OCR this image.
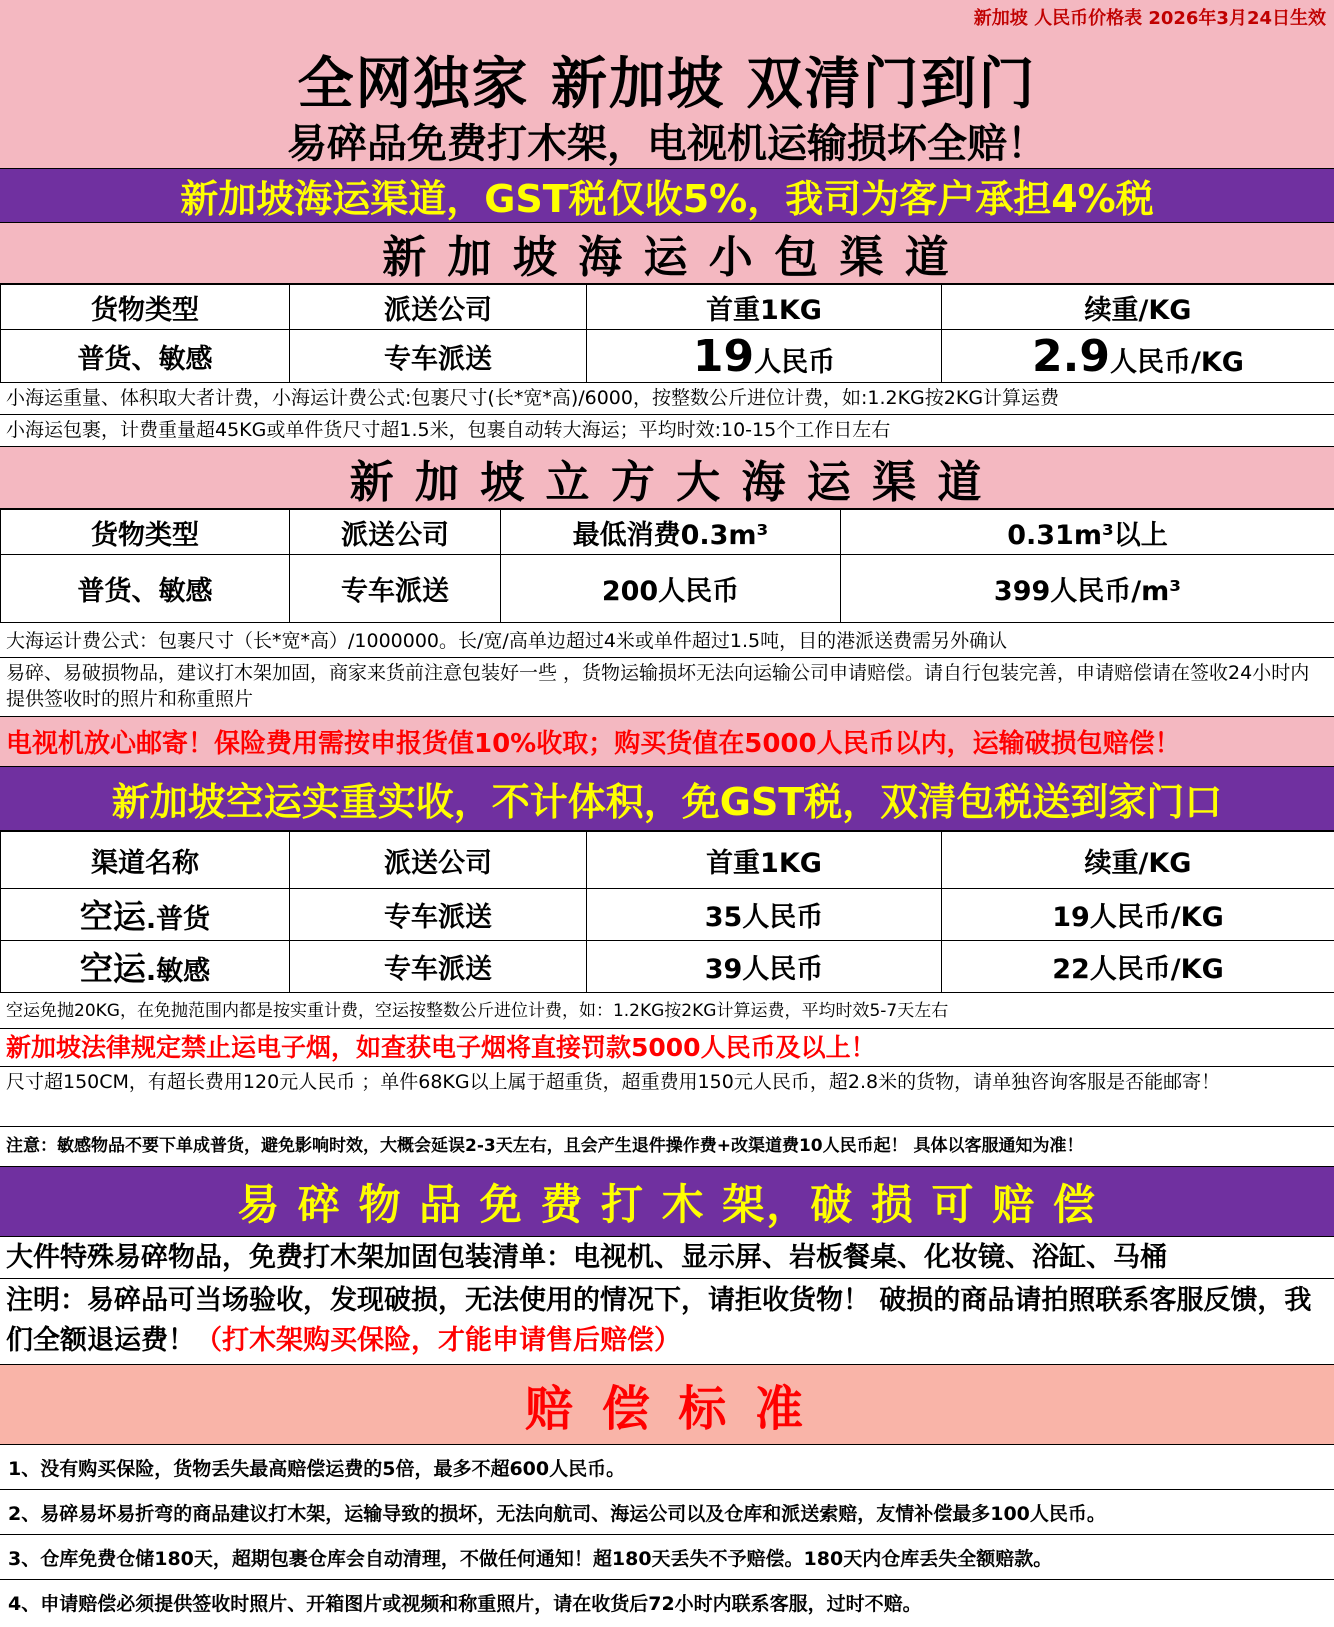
新加坡 人民币价格表 2026年3月24日生效
全网独家 新加坡 双清门到门
易碎品免费打木架，电视机运输损坏全赔！
新加坡海运渠道，GST税仅收5%，我司为客户承担4%税
新 加 坡 海 运 小 包 渠 道
货物类型	派送公司	首重1KG	续重/KG
普货、敏感	专车派送	19人民币	2.9人民币/KG
小海运重量、体积取大者计费，小海运计费公式:包裹尺寸(长*宽*高)/6000，按整数公斤进位计费，如:1.2KG按2KG计算运费
小海运包裹，计费重量超45KG或单件货尺寸超1.5米，包裹自动转大海运；平均时效:10-15个工作日左右
新 加 坡 立 方 大 海 运 渠 道
货物类型	派送公司	最低消费0.3m³	0.31m³以上
普货、敏感	专车派送	200人民币	399人民币/m³
大海运计费公式：包裹尺寸（长*宽*高）/1000000。长/宽/高单边超过4米或单件超过1.5吨，目的港派送费需另外确认
易碎、易破损物品，建议打木架加固，商家来货前注意包装好一些 ，货物运输损坏无法向运输公司申请赔偿。请自行包装完善，申请赔偿请在签收24小时内提供签收时的照片和称重照片
电视机放心邮寄！保险费用需按申报货值10%收取；购买货值在5000人民币以内，运输破损包赔偿！
新加坡空运实重实收，不计体积，免GST税，双清包税送到家门口
渠道名称	派送公司	首重1KG	续重/KG
空运.普货	专车派送	35人民币	19人民币/KG
空运.敏感	专车派送	39人民币	22人民币/KG
空运免抛20KG，在免抛范围内都是按实重计费，空运按整数公斤进位计费，如：1.2KG按2KG计算运费，平均时效5-7天左右
新加坡法律规定禁止运电子烟，如查获电子烟将直接罚款5000人民币及以上！
尺寸超150CM，有超长费用120元人民币 ；单件68KG以上属于超重货，超重费用150元人民币，超2.8米的货物，请单独咨询客服是否能邮寄！
注意：敏感物品不要下单成普货，避免影响时效，大概会延误2-3天左右，且会产生退件操作费+改渠道费10人民币起！ 具体以客服通知为准！
易 碎 物 品 免 费 打 木 架，破 损 可 赔 偿
大件特殊易碎物品，免费打木架加固包装清单：电视机、显示屏、岩板餐桌、化妆镜、浴缸、马桶
注明：易碎品可当场验收，发现破损，无法使用的情况下，请拒收货物！ 破损的商品请拍照联系客服反馈，我们全额退运费！（打木架购买保险，才能申请售后赔偿）
赔 偿 标 准
1、没有购买保险，货物丢失最高赔偿运费的5倍，最多不超600人民币。
2、易碎易坏易折弯的商品建议打木架，运输导致的损坏，无法向航司、海运公司以及仓库和派送索赔，友情补偿最多100人民币。
3、仓库免费仓储180天，超期包裹仓库会自动清理，不做任何通知！超180天丢失不予赔偿。180天内仓库丢失全额赔款。
4、申请赔偿必须提供签收时照片、开箱图片或视频和称重照片，请在收货后72小时内联系客服，过时不赔。
